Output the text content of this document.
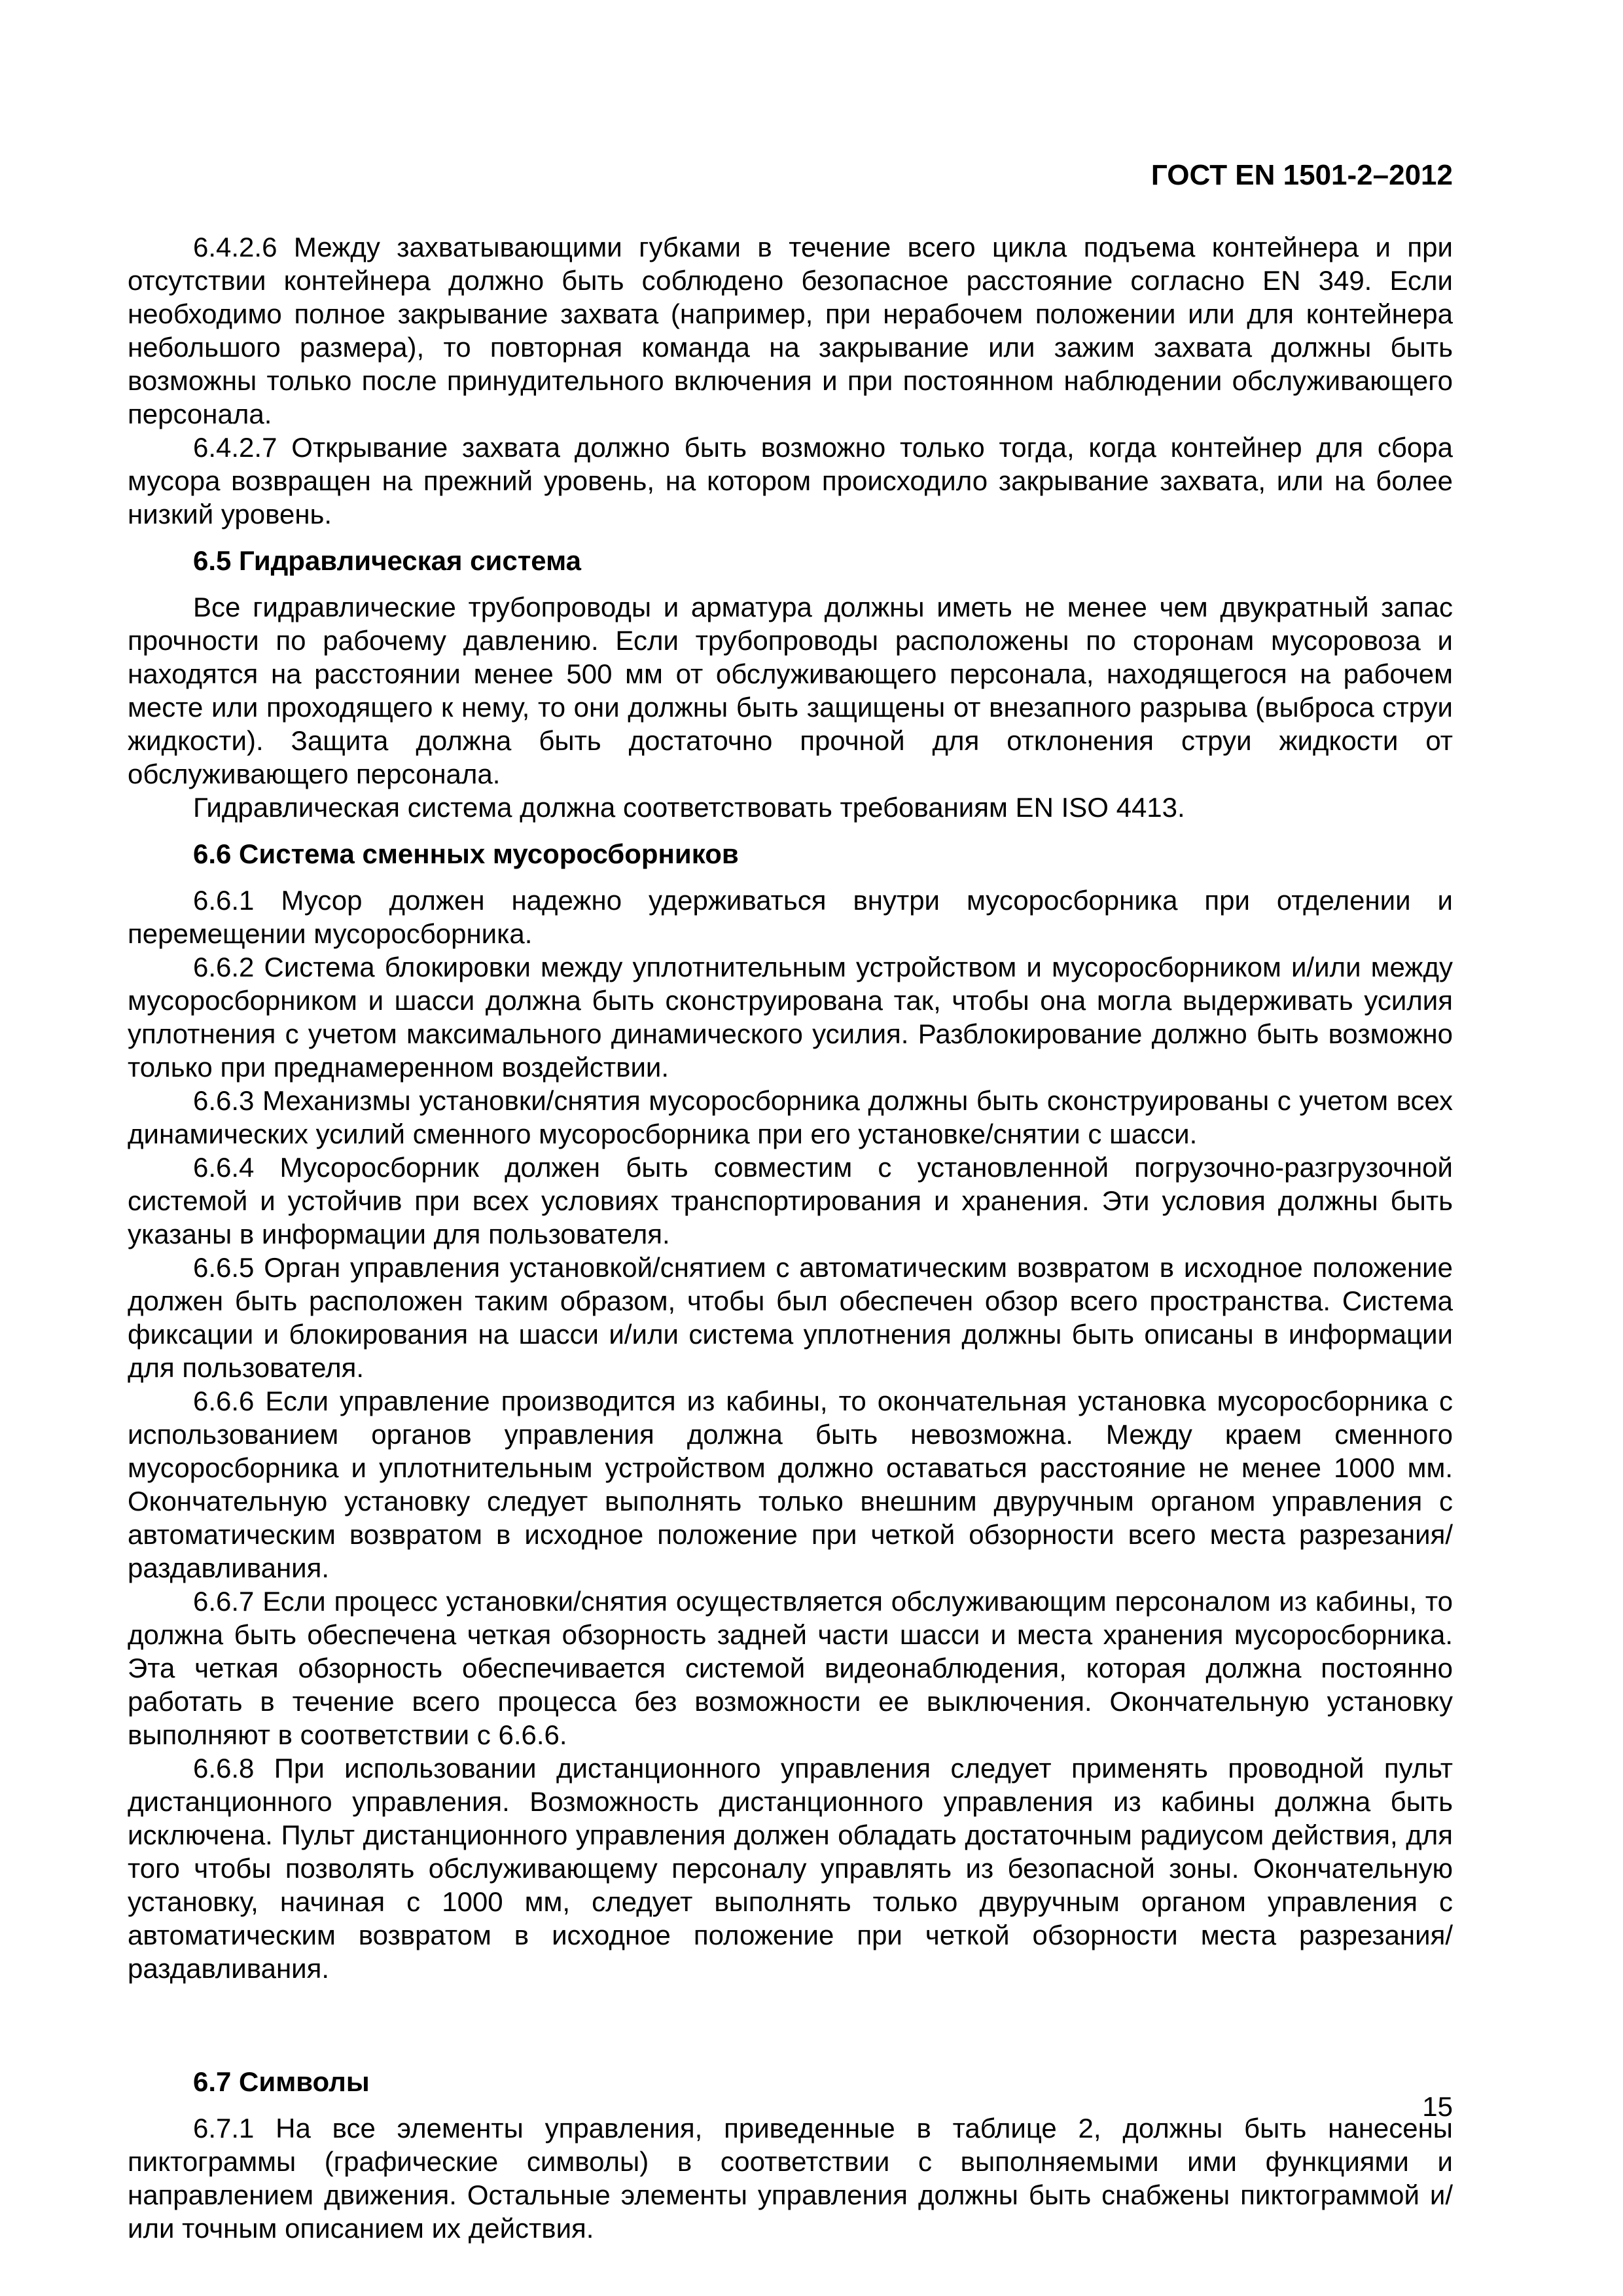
ГОСТ EN 1501-2–2012

6.4.2.6 Между захватывающими губками в течение всего цикла подъема контейнера и при отсутствии контейнера должно быть соблюдено безопасное расстояние согласно EN 349. Если необходимо полное закрывание захвата (например, при нерабочем положении или для контейнера небольшого размера), то повторная команда на закрывание или зажим захвата должны быть возможны только после принудительного включения и при постоянном наблюдении обслуживающего персонала.

6.4.2.7 Открывание захвата должно быть возможно только тогда, когда контейнер для сбора мусора возвращен на прежний уровень, на котором происходило закрывание захвата, или на более низкий уровень.

6.5 Гидравлическая система

Все гидравлические трубопроводы и арматура должны иметь не менее чем двукратный запас прочности по рабочему давлению. Если трубопроводы расположены по сторонам мусоровоза и находятся на расстоянии менее 500 мм от обслуживающего персонала, находящегося на рабочем месте или проходящего к нему, то они должны быть защищены от внезапного разрыва (выброса струи жидкости). Защита должна быть достаточно прочной для отклонения струи жидкости от обслуживающего персонала.

Гидравлическая система должна соответствовать требованиям EN ISO 4413.

6.6 Система сменных мусоросборников

6.6.1 Мусор должен надежно удерживаться внутри мусоросборника при отделении и перемещении мусоросборника.

6.6.2 Система блокировки между уплотнительным устройством и мусоросборником и/или между мусоросборником и шасси должна быть сконструирована так, чтобы она могла выдерживать усилия уплотнения с учетом максимального динамического усилия. Разблокирование должно быть возможно только при преднамеренном воздействии.

6.6.3 Механизмы установки/снятия мусоросборника должны быть сконструированы с учетом всех динамических усилий сменного мусоросборника при его установке/снятии с шасси.

6.6.4 Мусоросборник должен быть совместим с установленной погрузочно-разгрузочной системой и устойчив при всех условиях транспортирования и хранения. Эти условия должны быть указаны в информации для пользователя.

6.6.5 Орган управления установкой/снятием с автоматическим возвратом в исходное положение должен быть расположен таким образом, чтобы был обеспечен обзор всего пространства. Система фиксации и блокирования на шасси и/или система уплотнения должны быть описаны в информации для пользователя.

6.6.6 Если управление производится из кабины, то окончательная установка мусоросборника с использованием органов управления должна быть невозможна. Между краем сменного мусоросборника и уплотнительным устройством должно оставаться расстояние не менее 1000 мм. Окончательную установку следует выполнять только внешним двуручным органом управления с автоматическим возвратом в исходное положение при четкой обзорности всего места разрезания/раздавливания.

6.6.7 Если процесс установки/снятия осуществляется обслуживающим персоналом из кабины, то должна быть обеспечена четкая обзорность задней части шасси и места хранения мусоросборника. Эта четкая обзорность обеспечивается системой видеонаблюдения, которая должна постоянно работать в течение всего процесса без возможности ее выключения. Окончательную установку выполняют в соответствии с 6.6.6.

6.6.8 При использовании дистанционного управления следует применять проводной пульт дистанционного управления. Возможность дистанционного управления из кабины должна быть исключена. Пульт дистанционного управления должен обладать достаточным радиусом действия, для того чтобы позволять обслуживающему персоналу управлять из безопасной зоны. Окончательную установку, начиная с 1000 мм, следует выполнять только двуручным органом управления с автоматическим возвратом в исходное положение при четкой обзорности места разрезания/раздавливания.

6.7 Символы

6.7.1 На все элементы управления, приведенные в таблице 2, должны быть нанесены пиктограммы (графические символы) в соответствии с выполняемыми ими функциями и направлением движения. Остальные элементы управления должны быть снабжены пиктограммой и/или точным описанием их действия.

15
